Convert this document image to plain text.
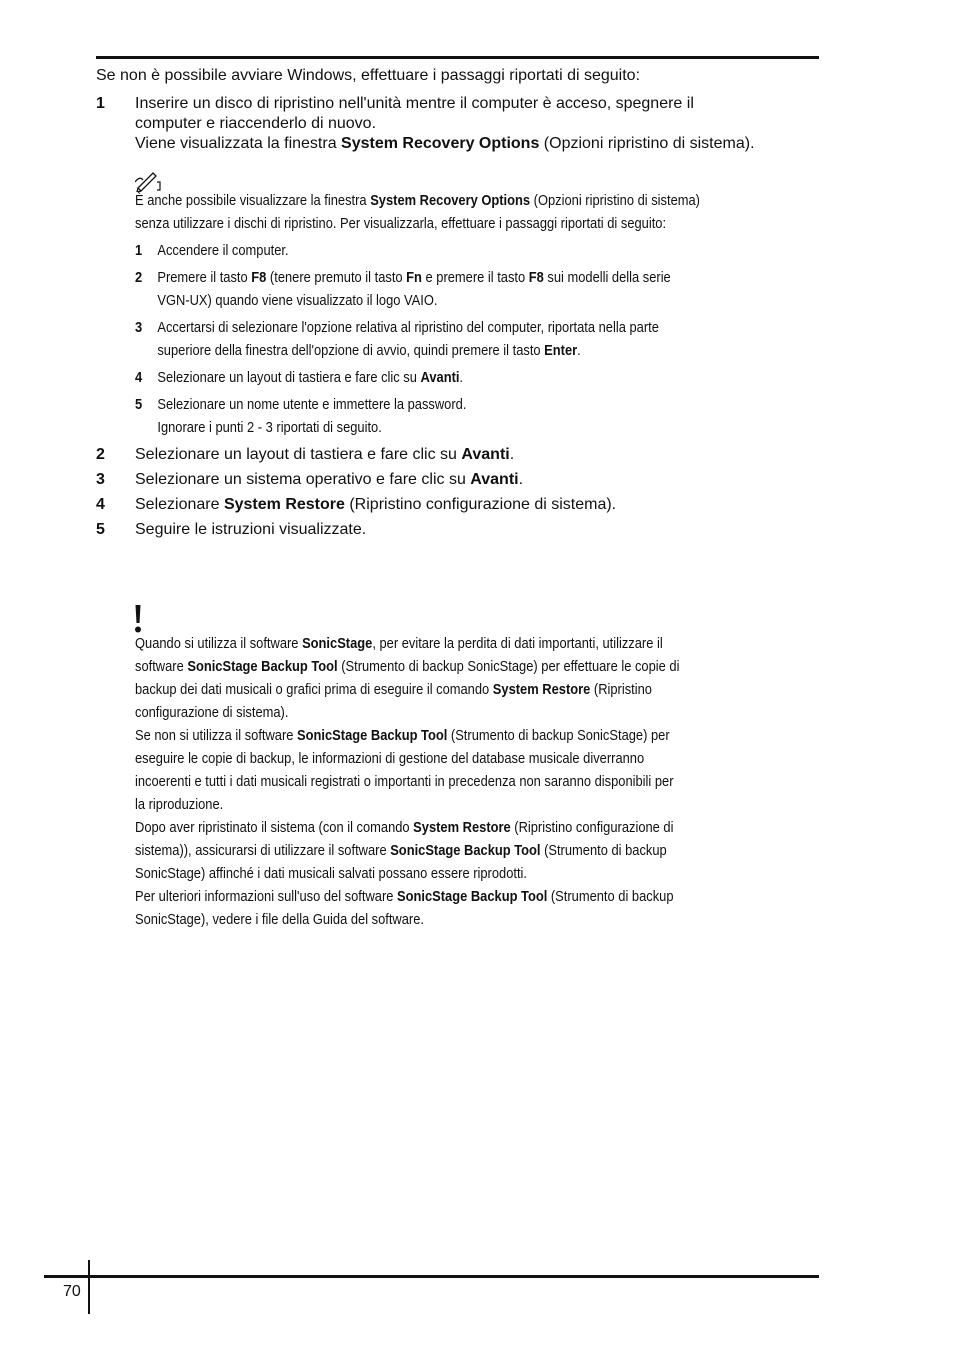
Se non è possibile avviare Windows, effettuare i passaggi riportati di seguito:

1 Inserire un disco di ripristino nell'unità mentre il computer è acceso, spegnere il

computer e riaccenderlo di nuovo.

Viene visualizzata la finestra System Recovery Options (Opzioni ripristino di sistema).

È anche possibile visualizzare la finestra System Recovery Options (Opzioni ripristino di sistema)

senza utilizzare i dischi di ripristino. Per visualizzarla, effettuare i passaggi riportati di seguito:

1 Accendere il computer.

2 Premere il tasto F8 (tenere premuto il tasto Fn e premere il tasto F8 sui modelli della serie

VGN-UX) quando viene visualizzato il logo VAIO.

3 Accertarsi di selezionare l'opzione relativa al ripristino del computer, riportata nella parte

superiore della finestra dell'opzione di avvio, quindi premere il tasto Enter.

4 Selezionare un layout di tastiera e fare clic su Avanti.

5 Selezionare un nome utente e immettere la password.

Ignorare i punti 2 - 3 riportati di seguito.

2 Selezionare un layout di tastiera e fare clic su Avanti.

3 Selezionare un sistema operativo e fare clic su Avanti.

4 Selezionare System Restore (Ripristino configurazione di sistema).

5 Seguire le istruzioni visualizzate.

Quando si utilizza il software SonicStage, per evitare la perdita di dati importanti, utilizzare il

software SonicStage Backup Tool (Strumento di backup SonicStage) per effettuare le copie di

backup dei dati musicali o grafici prima di eseguire il comando System Restore (Ripristino

configurazione di sistema).

Se non si utilizza il software SonicStage Backup Tool (Strumento di backup SonicStage) per

eseguire le copie di backup, le informazioni di gestione del database musicale diverranno

incoerenti e tutti i dati musicali registrati o importanti in precedenza non saranno disponibili per

la riproduzione.

Dopo aver ripristinato il sistema (con il comando System Restore (Ripristino configurazione di

sistema)), assicurarsi di utilizzare il software SonicStage Backup Tool (Strumento di backup

SonicStage) affinché i dati musicali salvati possano essere riprodotti.

Per ulteriori informazioni sull'uso del software SonicStage Backup Tool (Strumento di backup

SonicStage), vedere i file della Guida del software.

70
